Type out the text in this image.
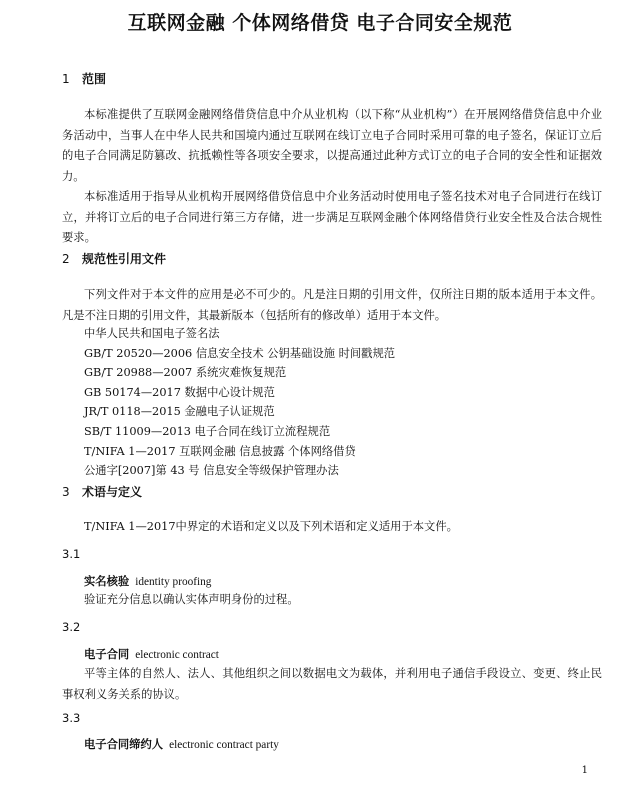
互联网金融 个体网络借贷 电子合同安全规范
1 范围

本标准提供了互联网金融网络借贷信息中介从业机构（以下称“从业机构”）在开展网络借贷信息中介业务活动中，当事人在中华人民共和国境内通过互联网在线订立电子合同时采用可靠的电子签名，保证订立后的电子合同满足防篡改、抗抵赖性等各项安全要求，以提高通过此种方式订立的电子合同的安全性和证据效力。

本标准适用于指导从业机构开展网络借贷信息中介业务活动时使用电子签名技术对电子合同进行在线订立，并将订立后的电子合同进行第三方存储，进一步满足互联网金融个体网络借贷行业安全性及合法合规性要求。

2 规范性引用文件

下列文件对于本文件的应用是必不可少的。凡是注日期的引用文件，仅所注日期的版本适用于本文件。凡是不注日期的引用文件，其最新版本（包括所有的修改单）适用于本文件。

中华人民共和国电子签名法
GB/T 20520—2006 信息安全技术 公钥基础设施 时间戳规范
GB/T 20988—2007 系统灾难恢复规范
GB 50174—2017 数据中心设计规范
JR/T 0118—2015 金融电子认证规范
SB/T 11009—2013 电子合同在线订立流程规范
T/NIFA 1—2017 互联网金融 信息披露 个体网络借贷
公通字[2007]第 43 号 信息安全等级保护管理办法
3 术语与定义

T/NIFA 1—2017中界定的术语和定义以及下列术语和定义适用于本文件。

3.1
实名核验 identity proofing

验证充分信息以确认实体声明身份的过程。

3.2
电子合同 electronic contract

平等主体的自然人、法人、其他组织之间以数据电文为载体，并利用电子通信手段设立、变更、终止民事权利义务关系的协议。

3.3
电子合同缔约人 electronic contract party
1
